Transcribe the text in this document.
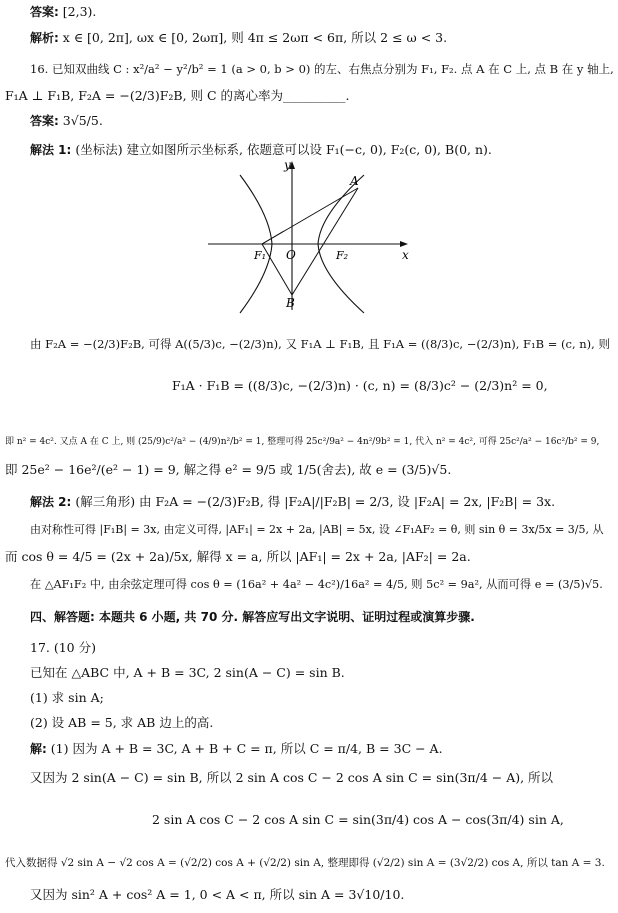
答案: [2,3).
解析: x ∈ [0, 2π], ωx ∈ [0, 2ωπ], 则 4π ≤ 2ωπ < 6π, 所以 2 ≤ ω < 3.
16. 已知双曲线 C : x²/a² − y²/b² = 1 (a > 0, b > 0) 的左、右焦点分别为 F₁, F₂. 点 A 在 C 上, 点 B 在 y 轴上,
F₁A ⊥ F₁B, F₂A = −(2/3)F₂B, 则 C 的离心率为__________.
答案: 3√5/5.
解法 1: (坐标法) 建立如图所示坐标系, 依题意可以设 F₁(−c, 0), F₂(c, 0), B(0, n).
由 F₂A = −(2/3)F₂B, 可得 A((5/3)c, −(2/3)n), 又 F₁A ⊥ F₁B, 且 F₁A = ((8/3)c, −(2/3)n), F₁B = (c, n), 则
F₁A · F₁B = ((8/3)c, −(2/3)n) · (c, n) = (8/3)c² − (2/3)n² = 0,
即 n² = 4c². 又点 A 在 C 上, 则 (25/9)c²/a² − (4/9)n²/b² = 1, 整理可得 25c²/9a² − 4n²/9b² = 1, 代入 n² = 4c², 可得 25c²/a² − 16c²/b² = 9,
即 25e² − 16e²/(e² − 1) = 9, 解之得 e² = 9/5 或 1/5(舍去), 故 e = (3/5)√5.
解法 2: (解三角形) 由 F₂A = −(2/3)F₂B, 得 |F₂A|/|F₂B| = 2/3, 设 |F₂A| = 2x, |F₂B| = 3x.
由对称性可得 |F₁B| = 3x, 由定义可得, |AF₁| = 2x + 2a, |AB| = 5x, 设 ∠F₁AF₂ = θ, 则 sin θ = 3x/5x = 3/5, 从
而 cos θ = 4/5 = (2x + 2a)/5x, 解得 x = a, 所以 |AF₁| = 2x + 2a, |AF₂| = 2a.
在 △AF₁F₂ 中, 由余弦定理可得 cos θ = (16a² + 4a² − 4c²)/16a² = 4/5, 则 5c² = 9a², 从而可得 e = (3/5)√5.
四、解答题: 本题共 6 小题, 共 70 分. 解答应写出文字说明、证明过程或演算步骤.
17. (10 分)
已知在 △ABC 中, A + B = 3C, 2 sin(A − C) = sin B.
(1) 求 sin A;
(2) 设 AB = 5, 求 AB 边上的高.
解: (1) 因为 A + B = 3C, A + B + C = π, 所以 C = π/4, B = 3C − A.
又因为 2 sin(A − C) = sin B, 所以 2 sin A cos C − 2 cos A sin C = sin(3π/4 − A), 所以
2 sin A cos C − 2 cos A sin C = sin(3π/4) cos A − cos(3π/4) sin A,
代入数据得 √2 sin A − √2 cos A = (√2/2) cos A + (√2/2) sin A, 整理即得 (√2/2) sin A = (3√2/2) cos A, 所以 tan A = 3.
又因为 sin² A + cos² A = 1, 0 < A < π, 所以 sin A = 3√10/10.
y
A
F₁ O	F₂	x
B
